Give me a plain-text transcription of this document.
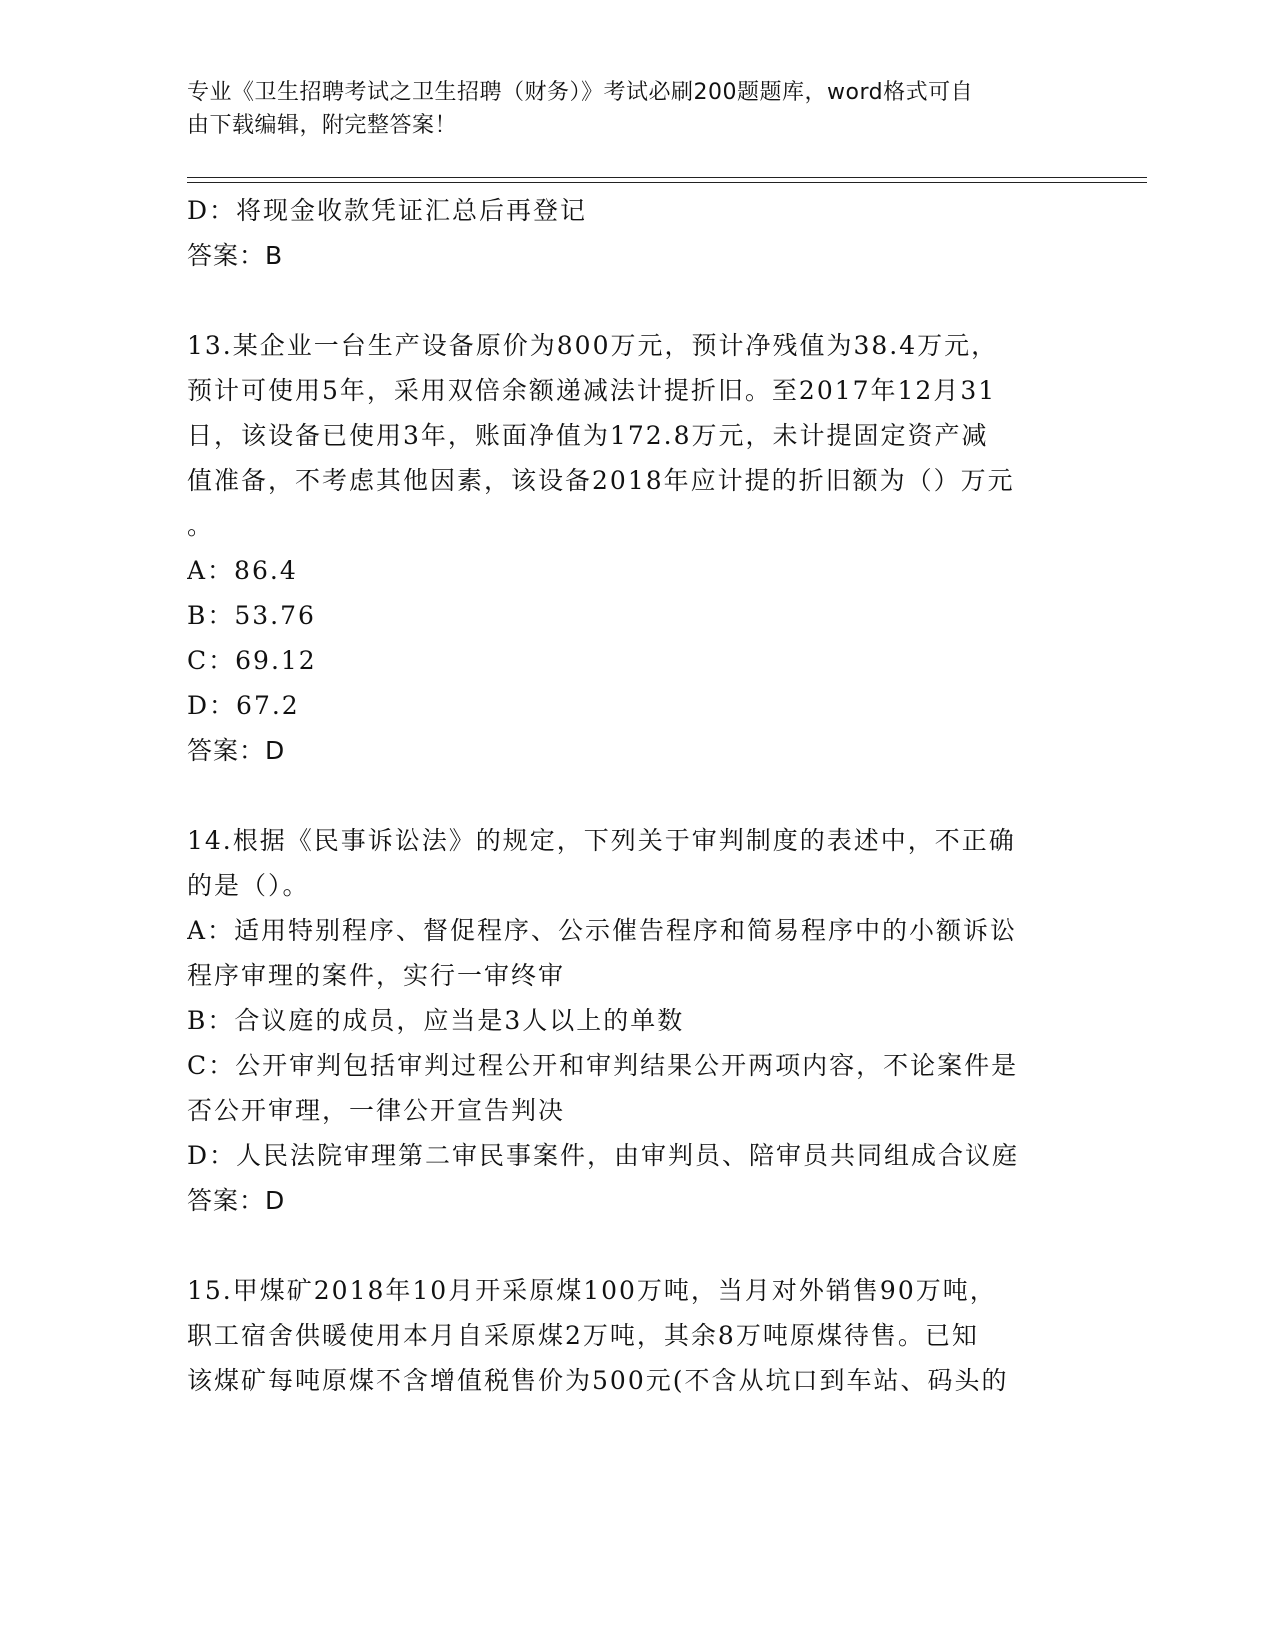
专业《卫生招聘考试之卫生招聘（财务）》考试必刷200题题库，word格式可自
由下载编辑，附完整答案！

D：将现金收款凭证汇总后再登记

答案：B

13.某企业一台生产设备原价为800万元，预计净残值为38.4万元，

预计可使用5年，采用双倍余额递减法计提折旧。至2017年12月31

日，该设备已使用3年，账面净值为172.8万元，未计提固定资产减

值准备，不考虑其他因素，该设备2018年应计提的折旧额为（）万元

。

A：86.4

B：53.76

C：69.12

D：67.2

答案：D

14.根据《民事诉讼法》的规定，下列关于审判制度的表述中，不正确

的是（）。

A：适用特别程序、督促程序、公示催告程序和简易程序中的小额诉讼

程序审理的案件，实行一审终审

B：合议庭的成员，应当是3人以上的单数

C：公开审判包括审判过程公开和审判结果公开两项内容，不论案件是

否公开审理，一律公开宣告判决

D：人民法院审理第二审民事案件，由审判员、陪审员共同组成合议庭

答案：D

15.甲煤矿2018年10月开采原煤100万吨，当月对外销售90万吨，

职工宿舍供暖使用本月自采原煤2万吨，其余8万吨原煤待售。已知

该煤矿每吨原煤不含增值税售价为500元(不含从坑口到车站、码头的
